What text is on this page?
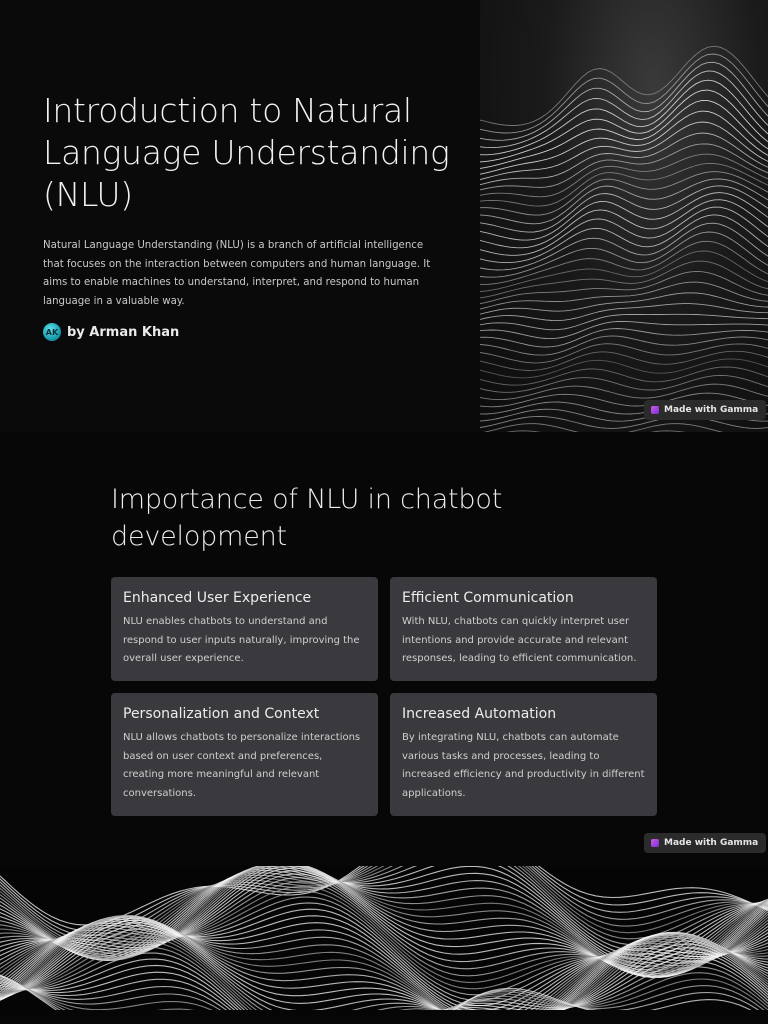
Introduction to Natural Language Understanding (NLU)

Natural Language Understanding (NLU) is a branch of artificial intelligence that focuses on the interaction between computers and human language. It aims to enable machines to understand, interpret, and respond to human language in a valuable way.

AK by Arman Khan
Made with Gamma
Importance of NLU in chatbot development
Enhanced User Experience

NLU enables chatbots to understand and respond to user inputs naturally, improving the overall user experience.

Efficient Communication

With NLU, chatbots can quickly interpret user intentions and provide accurate and relevant responses, leading to efficient communication.

Personalization and Context

NLU allows chatbots to personalize interactions based on user context and preferences, creating more meaningful and relevant conversations.

Increased Automation

By integrating NLU, chatbots can automate various tasks and processes, leading to increased efficiency and productivity in different applications.

Made with Gamma
